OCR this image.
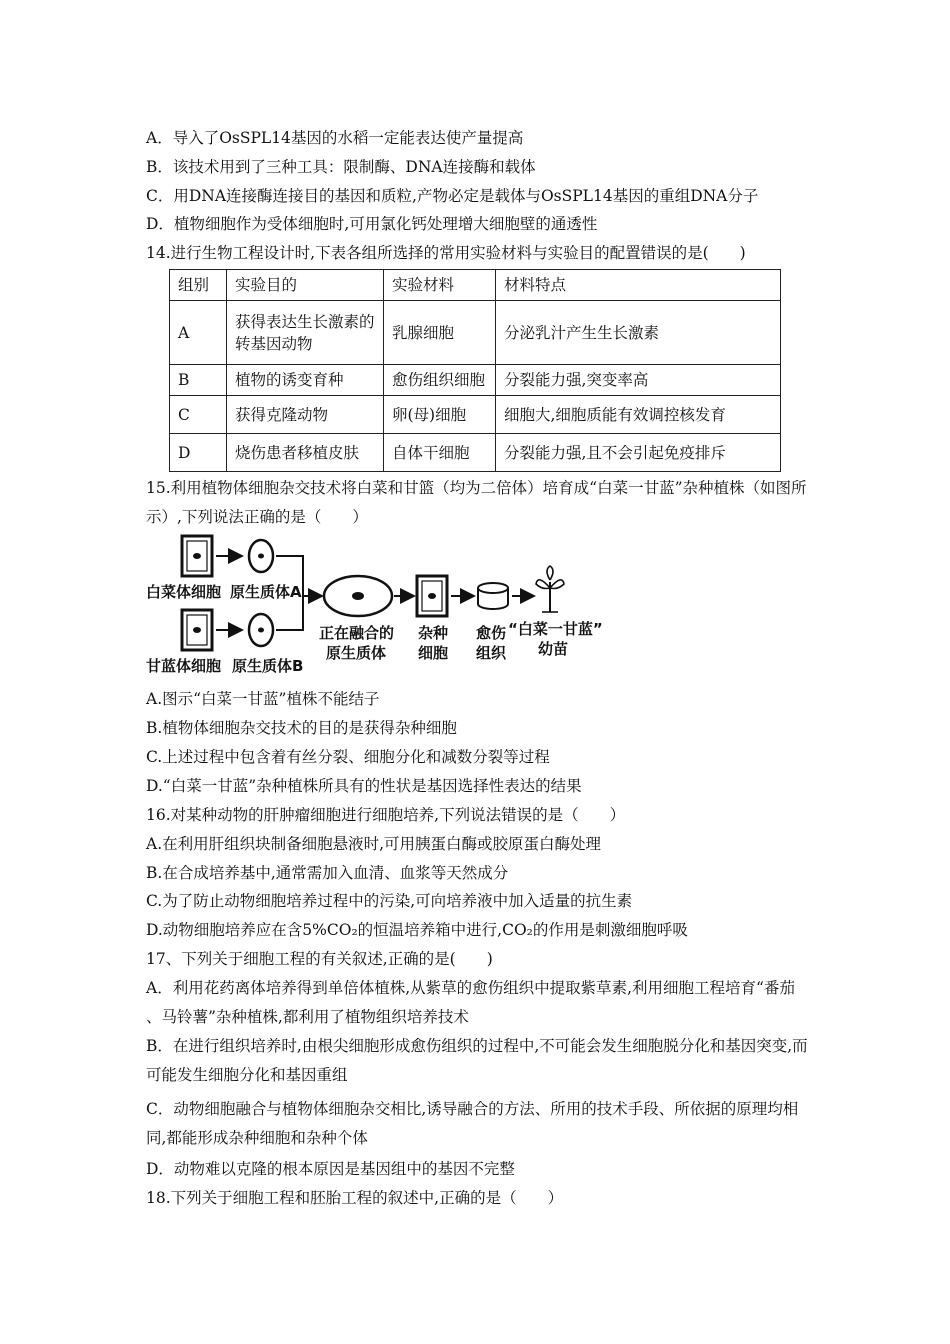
A．导入了OsSPL14基因的水稻一定能表达使产量提高
B．该技术用到了三种工具：限制酶、DNA连接酶和载体
C．用DNA连接酶连接目的基因和质粒,产物必定是载体与OsSPL14基因的重组DNA分子
D．植物细胞作为受体细胞时,可用氯化钙处理增大细胞壁的通透性
14.进行生物工程设计时,下表各组所选择的常用实验材料与实验目的配置错误的是(　　)
组别	实验目的	实验材料	材料特点
A	获得表达生长激素的转基因动物	乳腺细胞	分泌乳汁产生生长激素
B	植物的诱变育种	愈伤组织细胞	分裂能力强,突变率高
C	获得克隆动物	卵(母)细胞	细胞大,细胞质能有效调控核发育
D	烧伤患者移植皮肤	自体干细胞	分裂能力强,且不会引起免疫排斥
15.利用植物体细胞杂交技术将白菜和甘篮（均为二倍体）培育成“白菜一甘蓝”杂种植株（如图所示）,下列说法正确的是（　　）
白菜体细胞 原生质体A
甘蓝体细胞 原生质体B
正在融合的
原生质体
杂种
细胞
愈伤
组织
“白菜一甘蓝”
幼苗
A.图示“白菜一甘蓝”植株不能结子
B.植物体细胞杂交技术的目的是获得杂种细胞
C.上述过程中包含着有丝分裂、细胞分化和减数分裂等过程
D.“白菜一甘蓝”杂种植株所具有的性状是基因选择性表达的结果
16.对某种动物的肝肿瘤细胞进行细胞培养,下列说法错误的是（　　）
A.在利用肝组织块制备细胞悬液时,可用胰蛋白酶或胶原蛋白酶处理
B.在合成培养基中,通常需加入血清、血浆等天然成分
C.为了防止动物细胞培养过程中的污染,可向培养液中加入适量的抗生素
D.动物细胞培养应在含5%CO₂的恒温培养箱中进行,CO₂的作用是刺激细胞呼吸
17、下列关于细胞工程的有关叙述,正确的是(　　)
A．利用花药离体培养得到单倍体植株,从紫草的愈伤组织中提取紫草素,利用细胞工程培育“番茄 、马铃薯”杂种植株,都利用了植物组织培养技术
B．在进行组织培养时,由根尖细胞形成愈伤组织的过程中,不可能会发生细胞脱分化和基因突变,而可能发生细胞分化和基因重组
C．动物细胞融合与植物体细胞杂交相比,诱导融合的方法、所用的技术手段、所依据的原理均相同,都能形成杂种细胞和杂种个体
D．动物难以克隆的根本原因是基因组中的基因不完整
18.下列关于细胞工程和胚胎工程的叙述中,正确的是（　　）
